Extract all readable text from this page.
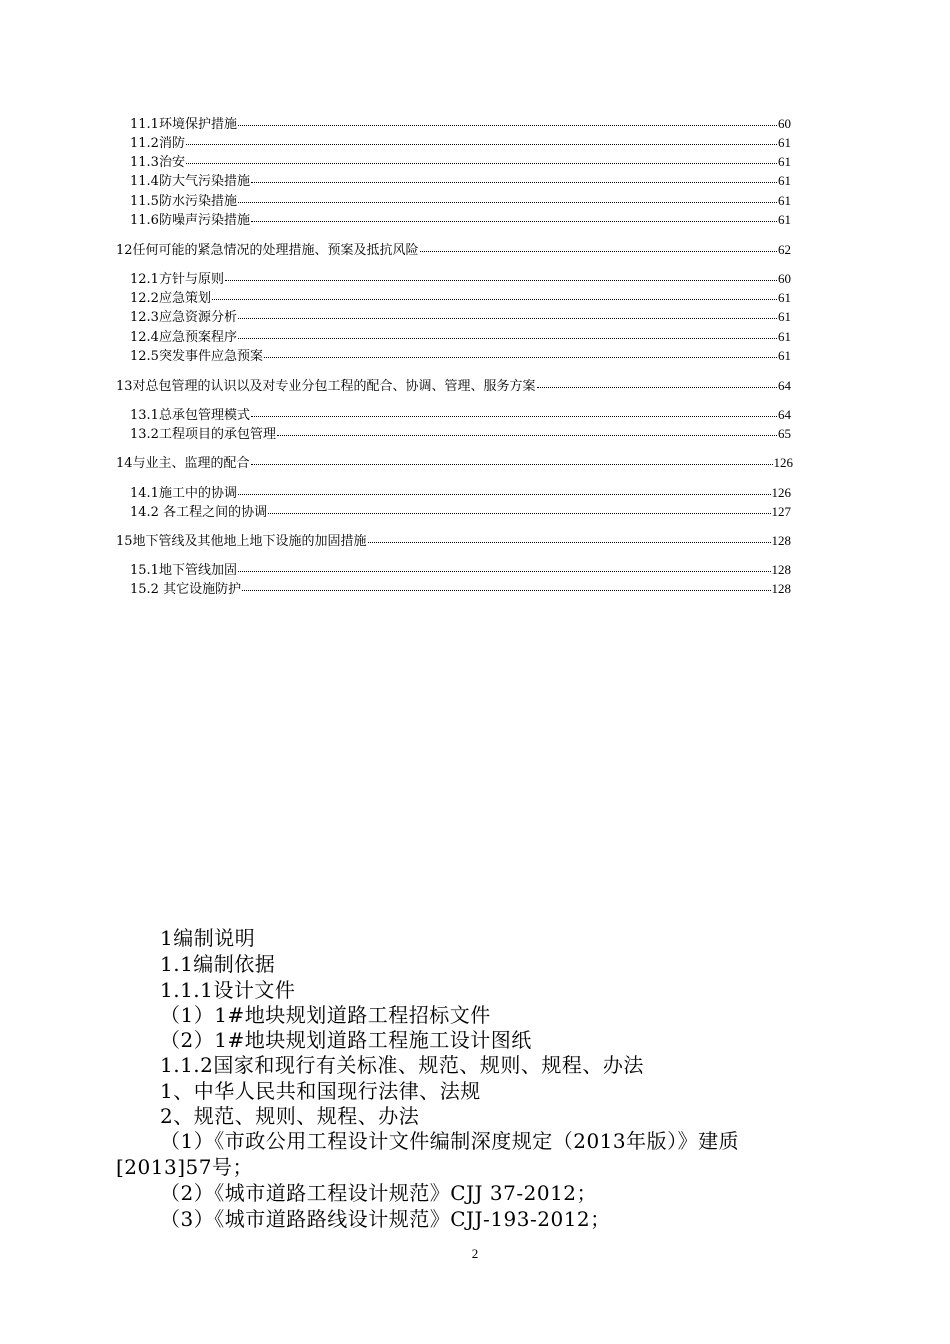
11.1环境保护措施	60
11.2消防	61
11.3治安	61
11.4防大气污染措施	61
11.5防水污染措施	61
11.6防噪声污染措施	61
12任何可能的紧急情况的处理措施、预案及抵抗风险	62
12.1方针与原则	60
12.2应急策划	61
12.3应急资源分析	61
12.4应急预案程序	61
12.5突发事件应急预案	61
13对总包管理的认识以及对专业分包工程的配合、协调、管理、服务方案	64
13.1总承包管理模式	64
13.2工程项目的承包管理	65
14与业主、监理的配合	126
14.1施工中的协调	126
14.2 各工程之间的协调	127
15地下管线及其他地上地下设施的加固措施	128
15.1地下管线加固	128
15.2 其它设施防护	128
1编制说明
1.1编制依据
1.1.1设计文件
（1）1#地块规划道路工程招标文件
（2）1#地块规划道路工程施工设计图纸
1.1.2国家和现行有关标准、规范、规则、规程、办法
1、中华人民共和国现行法律、法规
2、规范、规则、规程、办法
（1）《市政公用工程设计文件编制深度规定（2013年版）》建质
[2013]57号；
（2）《城市道路工程设计规范》CJJ 37-2012；
（3）《城市道路路线设计规范》CJJ-193-2012；
2
